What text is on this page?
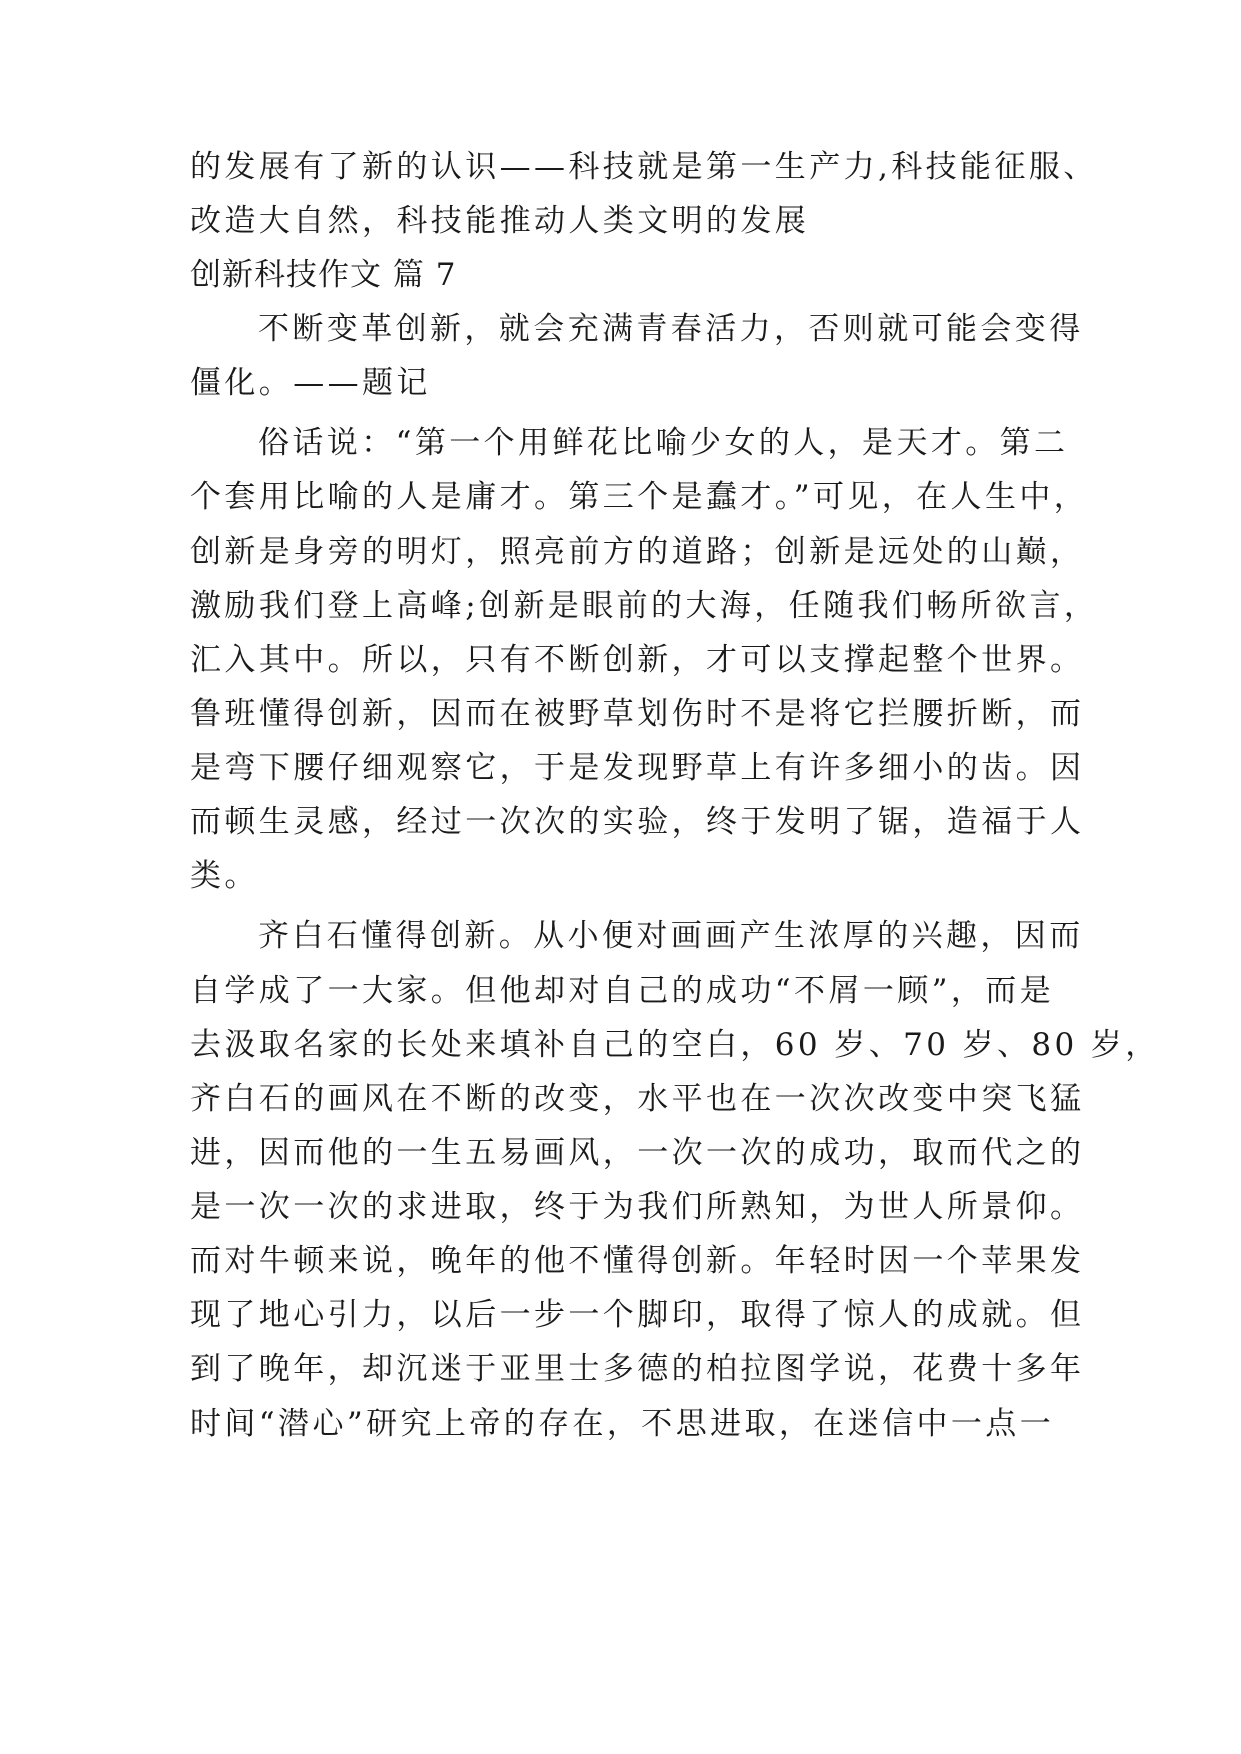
的发展有了新的认识——科技就是第一生产力,科技能征服、
改造大自然，科技能推动人类文明的发展
创新科技作文 篇 7
不断变革创新，就会充满青春活力，否则就可能会变得
僵化。——题记
俗话说：“第一个用鲜花比喻少女的人，是天才。第二
个套用比喻的人是庸才。第三个是蠢才。”可见，在人生中，
创新是身旁的明灯，照亮前方的道路；创新是远处的山巅，
激励我们登上高峰;创新是眼前的大海，任随我们畅所欲言，
汇入其中。所以，只有不断创新，才可以支撑起整个世界。
鲁班懂得创新，因而在被野草划伤时不是将它拦腰折断，而
是弯下腰仔细观察它，于是发现野草上有许多细小的齿。因
而顿生灵感，经过一次次的实验，终于发明了锯，造福于人
类。
齐白石懂得创新。从小便对画画产生浓厚的兴趣，因而
自学成了一大家。但他却对自己的成功“不屑一顾”，而是
去汲取名家的长处来填补自己的空白，60 岁、70 岁、80 岁，
齐白石的画风在不断的改变，水平也在一次次改变中突飞猛
进，因而他的一生五易画风，一次一次的成功，取而代之的
是一次一次的求进取，终于为我们所熟知，为世人所景仰。
而对牛顿来说，晚年的他不懂得创新。年轻时因一个苹果发
现了地心引力，以后一步一个脚印，取得了惊人的成就。但
到了晚年，却沉迷于亚里士多德的柏拉图学说，花费十多年
时间“潜心”研究上帝的存在，不思进取，在迷信中一点一
